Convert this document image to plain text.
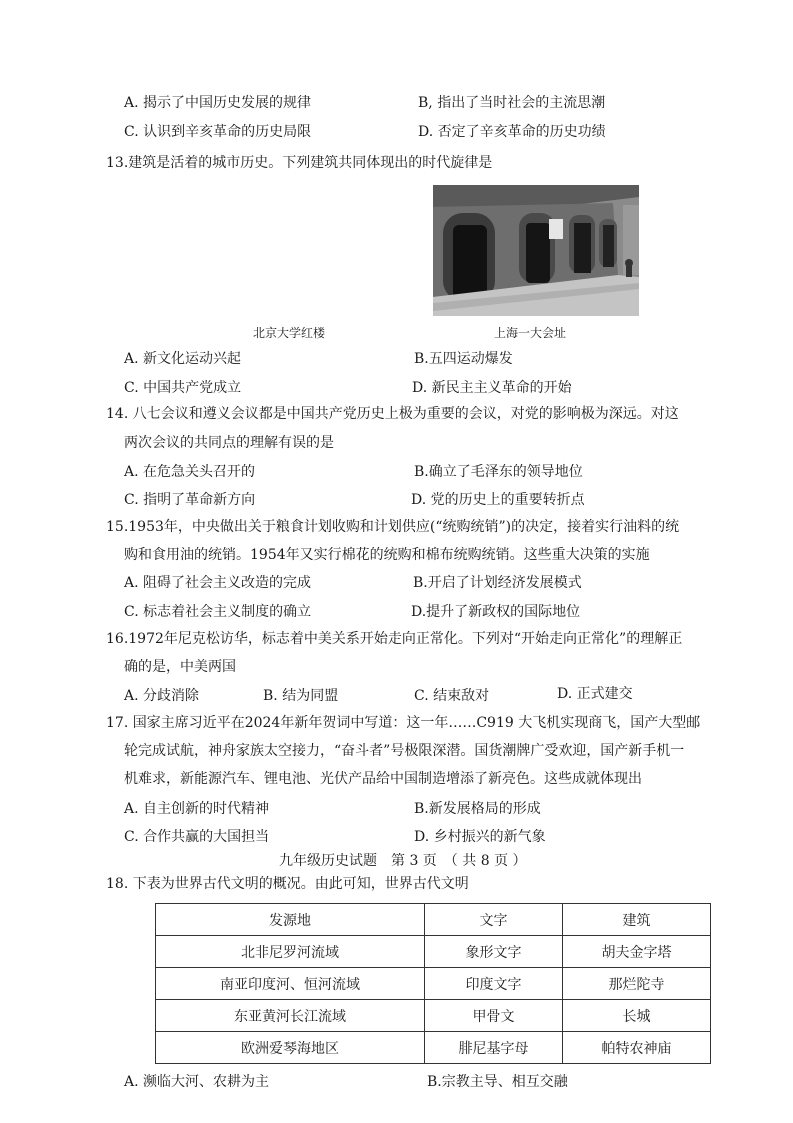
A. 揭示了中国历史发展的规律	B, 指出了当时社会的主流思潮
C. 认识到辛亥革命的历史局限	D. 否定了辛亥革命的历史功绩
13.建筑是活着的城市历史。下列建筑共同体现出的时代旋律是
北京大学红楼	上海一大会址
A. 新文化运动兴起	B.五四运动爆发
C. 中国共产党成立	D. 新民主主义革命的开始
14. 八七会议和遵义会议都是中国共产党历史上极为重要的会议，对党的影响极为深远。对这
两次会议的共同点的理解有误的是
A. 在危急关头召开的	B.确立了毛泽东的领导地位
C. 指明了革命新方向	D. 党的历史上的重要转折点
15.1953年，中央做出关于粮食计划收购和计划供应(“统购统销”)的决定，接着实行油料的统
购和食用油的统销。1954年又实行棉花的统购和棉布统购统销。这些重大决策的实施
A. 阻碍了社会主义改造的完成	B.开启了计划经济发展模式
C. 标志着社会主义制度的确立	D.提升了新政权的国际地位
16.1972年尼克松访华，标志着中美关系开始走向正常化。下列对“开始走向正常化”的理解正
确的是，中美两国
A. 分歧消除	B. 结为同盟	C. 结束敌对	D. 正式建交
17. 国家主席习近平在2024年新年贺词中写道：这一年……C919 大飞机实现商飞，国产大型邮
轮完成试航，神舟家族太空接力，“奋斗者”号极限深潜。国货潮牌广受欢迎，国产新手机一
机难求，新能源汽车、锂电池、光伏产品给中国制造增添了新亮色。这些成就体现出
A. 自主创新的时代精神	B.新发展格局的形成
C. 合作共赢的大国担当	D. 乡村振兴的新气象
九年级历史试题　第 3 页　（ 共 8 页 ）
18. 下表为世界古代文明的概况。由此可知，世界古代文明
发源地	文字	建筑
北非尼罗河流域	象形文字	胡夫金字塔
南亚印度河、恒河流域	印度文字	那烂陀寺
东亚黄河长江流域	甲骨文	长城
欧洲爱琴海地区	腓尼基字母	帕特农神庙
A. 濒临大河、农耕为主	B.宗教主导、相互交融
